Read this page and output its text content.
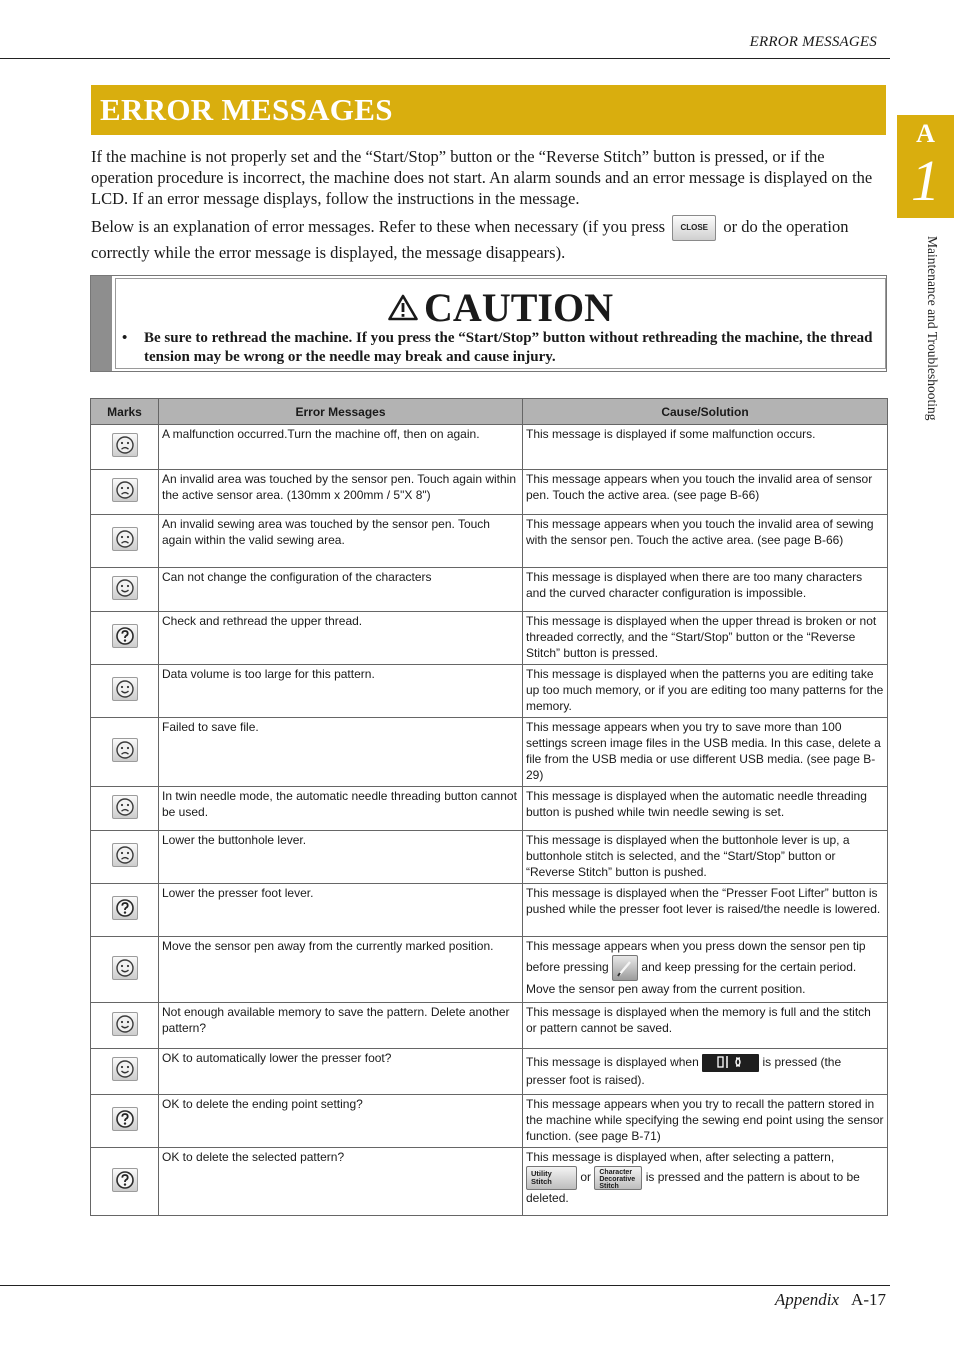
ERROR MESSAGES
ERROR MESSAGES
A
1
Maintenance and Troubleshooting

If the machine is not properly set and the “Start/Stop” button or the “Reverse Stitch” button is pressed, or if the operation procedure is incorrect, the machine does not start. An alarm sounds and an error message is displayed on the LCD. If an error message displays, follow the instructions in the message.

Below is an explanation of error messages. Refer to these when necessary (if you press CLOSE or do the operation correctly while the error message is displayed, the message disappears).

CAUTION
•	Be sure to rethread the machine. If you press the “Start/Stop” button without rethreading the machine, the thread tension may be wrong or the needle may break and cause injury.
Marks	Error Messages	Cause/Solution

	A malfunction occurred.Turn the machine off, then on again.	This message is displayed if some malfunction occurs.

	An invalid area was touched by the sensor pen. Touch again within the active sensor area. (130mm x 200mm / 5"X 8")	This message appears when you touch the invalid area of sensor pen. Touch the active area. (see page B-66)

	An invalid sewing area was touched by the sensor pen. Touch again within the valid sewing area.	This message appears when you touch the invalid area of sewing with the sensor pen. Touch the active area. (see page B-66)

	Can not change the configuration of the characters	This message is displayed when there are too many characters and the curved character configuration is impossible.

	Check and rethread the upper thread.	This message is displayed when the upper thread is broken or not threaded correctly, and the “Start/Stop” button or the “Reverse Stitch” button is pressed.

	Data volume is too large for this pattern.	This message is displayed when the patterns you are editing take up too much memory, or if you are editing too many patterns for the memory.

	Failed to save file.	This message appears when you try to save more than 100 settings screen image files in the USB media. In this case, delete a file from the USB media or use different USB media. (see page B-29)

	In twin needle mode, the automatic needle threading button cannot be used.	This message is displayed when the automatic needle threading button is pushed while twin needle sewing is set.

	Lower the buttonhole lever.	This message is displayed when the buttonhole lever is up, a buttonhole stitch is selected, and the “Start/Stop” button or “Reverse Stitch” button is pushed.

	Lower the presser foot lever.	This message is displayed when the “Presser Foot Lifter” button is pushed while the presser foot lever is raised/the needle is lowered.

	Move the sensor pen away from the currently marked position.	This message appears when you press down the sensor pen tip before pressing and keep pressing for the certain period. Move the sensor pen away from the current position.

	Not enough available memory to save the pattern. Delete another pattern?	This message is displayed when the memory is full and the stitch or pattern cannot be saved.

	OK to automatically lower the presser foot?	This message is displayed when is pressed (the presser foot is raised).

	OK to delete the ending point setting?	This message appears when you try to recall the pattern stored in the machine while specifying the sewing end point using the sensor function. (see page B-71)

	OK to delete the selected pattern?	This message is displayed when, after selecting a pattern, Utility
Stitch or Character
Decorative
Stitch is pressed and the pattern is about to be deleted.
Appendix A-17
